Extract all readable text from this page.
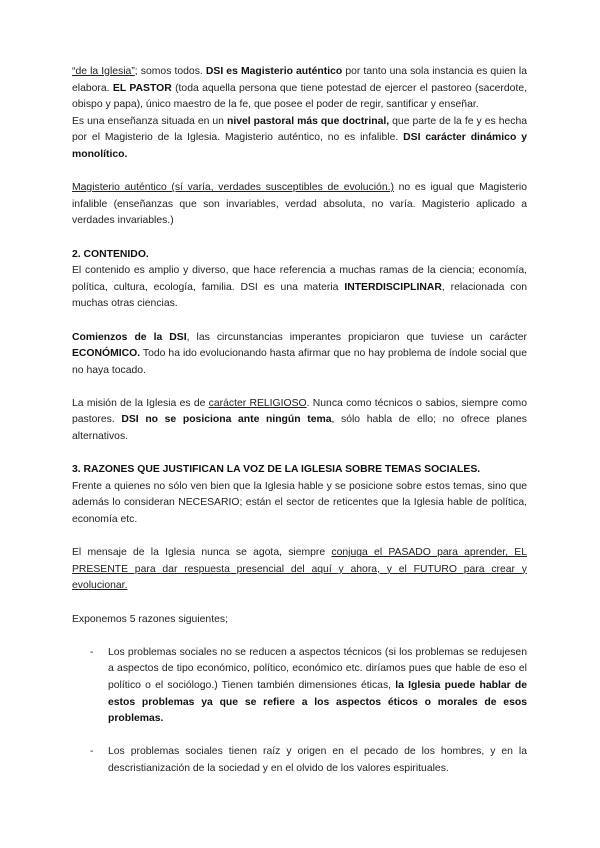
“de la Iglesia”; somos todos. DSI es Magisterio auténtico por tanto una sola instancia es quien la elabora. EL PASTOR (toda aquella persona que tiene potestad de ejercer el pastoreo (sacerdote, obispo y papa), único maestro de la fe, que posee el poder de regir, santificar y enseñar.

Es una enseñanza situada en un nivel pastoral más que doctrinal, que parte de la fe y es hecha por el Magisterio de la Iglesia. Magisterio auténtico, no es infalible. DSI carácter dinámico y monolítico.

Magisterio auténtico (sí varía, verdades susceptibles de evolución.) no es igual que Magisterio infalible (enseñanzas que son invariables, verdad absoluta, no varía. Magisterio aplicado a verdades invariables.)

2. CONTENIDO.

El contenido es amplio y diverso, que hace referencia a muchas ramas de la ciencia; economía, política, cultura, ecología, familia. DSI es una materia INTERDISCIPLINAR, relacionada con muchas otras ciencias.

Comienzos de la DSI, las circunstancias imperantes propiciaron que tuviese un carácter ECONÓMICO. Todo ha ido evolucionando hasta afirmar que no hay problema de índole social que no haya tocado.

La misión de la Iglesia es de carácter RELIGIOSO. Nunca como técnicos o sabios, siempre como pastores. DSI no se posiciona ante ningún tema, sólo habla de ello; no ofrece planes alternativos.

3. RAZONES QUE JUSTIFICAN LA VOZ DE LA IGLESIA SOBRE TEMAS SOCIALES.

Frente a quienes no sólo ven bien que la Iglesia hable y se posicione sobre estos temas, sino que además lo consideran NECESARIO; están el sector de reticentes que la Iglesia hable de política, economía etc.

El mensaje de la Iglesia nunca se agota, siempre conjuga el PASADO para aprender, EL PRESENTE para dar respuesta presencial del aquí y ahora, y el FUTURO para crear y evolucionar.

Exponemos 5 razones siguientes;

- Los problemas sociales no se reducen a aspectos técnicos (si los problemas se redujesen a aspectos de tipo económico, político, económico etc. diríamos pues que hable de eso el político o el sociólogo.) Tienen también dimensiones éticas, la Iglesia puede hablar de estos problemas ya que se refiere a los aspectos éticos o morales de esos problemas.
- Los problemas sociales tienen raíz y origen en el pecado de los hombres, y en la descristianización de la sociedad y en el olvido de los valores espirituales.
